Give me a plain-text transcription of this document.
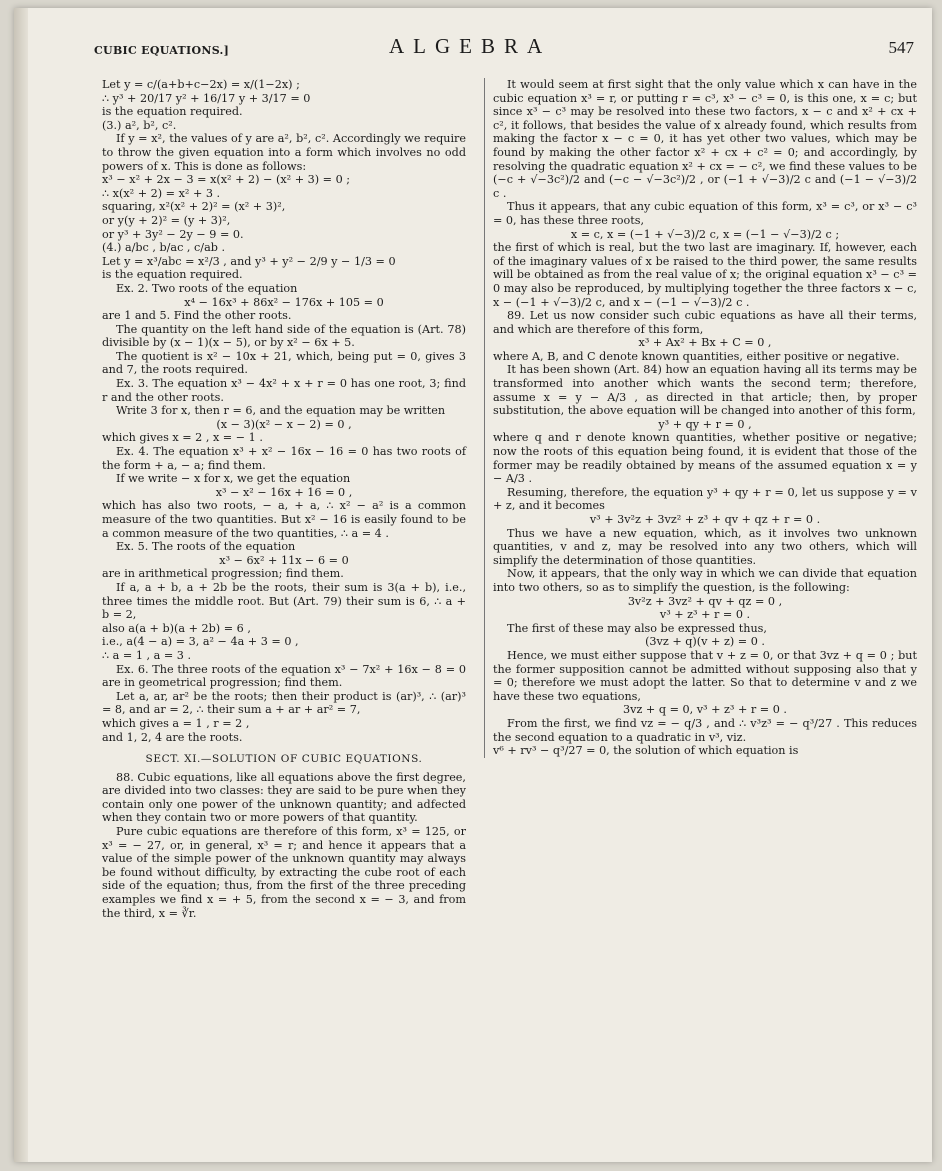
CUBIC EQUATIONS.]	ALGEBRA	547

Let y = c/(a+b+c−2x) = x/(1−2x) ;

∴ y³ + 20/17 y² + 16/17 y + 3/17 = 0

is the equation required.

(3.) a², b², c².

If y = x², the values of y are a², b², c². Accordingly we require to throw the given equation into a form which involves no odd powers of x. This is done as follows:

x³ − x² + 2x − 3 = x(x² + 2) − (x² + 3) = 0 ;

∴ x(x² + 2) = x² + 3 .

squaring, x²(x² + 2)² = (x² + 3)²,

or y(y + 2)² = (y + 3)²,

or y³ + 3y² − 2y − 9 = 0.

(4.) a/bc , b/ac , c/ab .

Let y = x³/abc = x²/3 , and y³ + y² − 2/9 y − 1/3 = 0

is the equation required.

Ex. 2. Two roots of the equation

x⁴ − 16x³ + 86x² − 176x + 105 = 0

are 1 and 5. Find the other roots.

The quantity on the left hand side of the equation is (Art. 78) divisible by (x − 1)(x − 5), or by x² − 6x + 5.

The quotient is x² − 10x + 21, which, being put = 0, gives 3 and 7, the roots required.

Ex. 3. The equation x³ − 4x² + x + r = 0 has one root, 3; find r and the other roots.

Write 3 for x, then r = 6, and the equation may be written

(x − 3)(x² − x − 2) = 0 ,

which gives x = 2 , x = − 1 .

Ex. 4. The equation x³ + x² − 16x − 16 = 0 has two roots of the form + a, − a; find them.

If we write − x for x, we get the equation

x³ − x² − 16x + 16 = 0 ,

which has also two roots, − a, + a, ∴ x² − a² is a common measure of the two quantities. But x² − 16 is easily found to be a common measure of the two quantities, ∴ a = 4 .

Ex. 5. The roots of the equation

x³ − 6x² + 11x − 6 = 0

are in arithmetical progression; find them.

If a, a + b, a + 2b be the roots, their sum is 3(a + b), i.e., three times the middle root. But (Art. 79) their sum is 6, ∴ a + b = 2,

also a(a + b)(a + 2b) = 6 ,

i.e., a(4 − a) = 3, a² − 4a + 3 = 0 ,

∴ a = 1 , a = 3 .

Ex. 6. The three roots of the equation x³ − 7x² + 16x − 8 = 0 are in geometrical progression; find them.

Let a, ar, ar² be the roots; then their product is (ar)³, ∴ (ar)³ = 8, and ar = 2, ∴ their sum a + ar + ar² = 7,

which gives a = 1 , r = 2 ,

and 1, 2, 4 are the roots.

SECT. XI.—SOLUTION OF CUBIC EQUATIONS.

88. Cubic equations, like all equations above the first degree, are divided into two classes: they are said to be pure when they contain only one power of the unknown quantity; and adfected when they contain two or more powers of that quantity.

Pure cubic equations are therefore of this form, x³ = 125, or x³ = − 27, or, in general, x³ = r; and hence it appears that a value of the simple power of the unknown quantity may always be found without difficulty, by extracting the cube root of each side of the equation; thus, from the first of the three preceding examples we find x = + 5, from the second x = − 3, and from the third, x = ∛r.

It would seem at first sight that the only value which x can have in the cubic equation x³ = r, or putting r = c³, x³ − c³ = 0, is this one, x = c; but since x³ − c³ may be resolved into these two factors, x − c and x² + cx + c², it follows, that besides the value of x already found, which results from making the factor x − c = 0, it has yet other two values, which may be found by making the other factor x² + cx + c² = 0; and accordingly, by resolving the quadratic equation x² + cx = − c², we find these values to be (−c + √−3c²)/2 and (−c − √−3c²)/2 , or (−1 + √−3)/2 c and (−1 − √−3)/2 c .

Thus it appears, that any cubic equation of this form, x³ = c³, or x³ − c³ = 0, has these three roots,

x = c, x = (−1 + √−3)/2 c, x = (−1 − √−3)/2 c ;

the first of which is real, but the two last are imaginary. If, however, each of the imaginary values of x be raised to the third power, the same results will be obtained as from the real value of x; the original equation x³ − c³ = 0 may also be reproduced, by multiplying together the three factors x − c, x − (−1 + √−3)/2 c, and x − (−1 − √−3)/2 c .

89. Let us now consider such cubic equations as have all their terms, and which are therefore of this form,

x³ + Ax² + Bx + C = 0 ,

where A, B, and C denote known quantities, either positive or negative.

It has been shown (Art. 84) how an equation having all its terms may be transformed into another which wants the second term; therefore, assume x = y − A/3 , as directed in that article; then, by proper substitution, the above equation will be changed into another of this form,

y³ + qy + r = 0 ,

where q and r denote known quantities, whether positive or negative; now the roots of this equation being found, it is evident that those of the former may be readily obtained by means of the assumed equation x = y − A/3 .

Resuming, therefore, the equation y³ + qy + r = 0, let us suppose y = v + z, and it becomes

v³ + 3v²z + 3vz² + z³ + qv + qz + r = 0 .

Thus we have a new equation, which, as it involves two unknown quantities, v and z, may be resolved into any two others, which will simplify the determination of those quantities.

Now, it appears, that the only way in which we can divide that equation into two others, so as to simplify the question, is the following:

3v²z + 3vz² + qv + qz = 0 ,

v³ + z³ + r = 0 .

The first of these may also be expressed thus,

(3vz + q)(v + z) = 0 .

Hence, we must either suppose that v + z = 0, or that 3vz + q = 0 ; but the former supposition cannot be admitted without supposing also that y = 0; therefore we must adopt the latter. So that to determine v and z we have these two equations,

3vz + q = 0, v³ + z³ + r = 0 .

From the first, we find vz = − q/3 , and ∴ v³z³ = − q³/27 . This reduces the second equation to a quadratic in v³, viz.

v⁶ + rv³ − q³/27 = 0, the solution of which equation is
